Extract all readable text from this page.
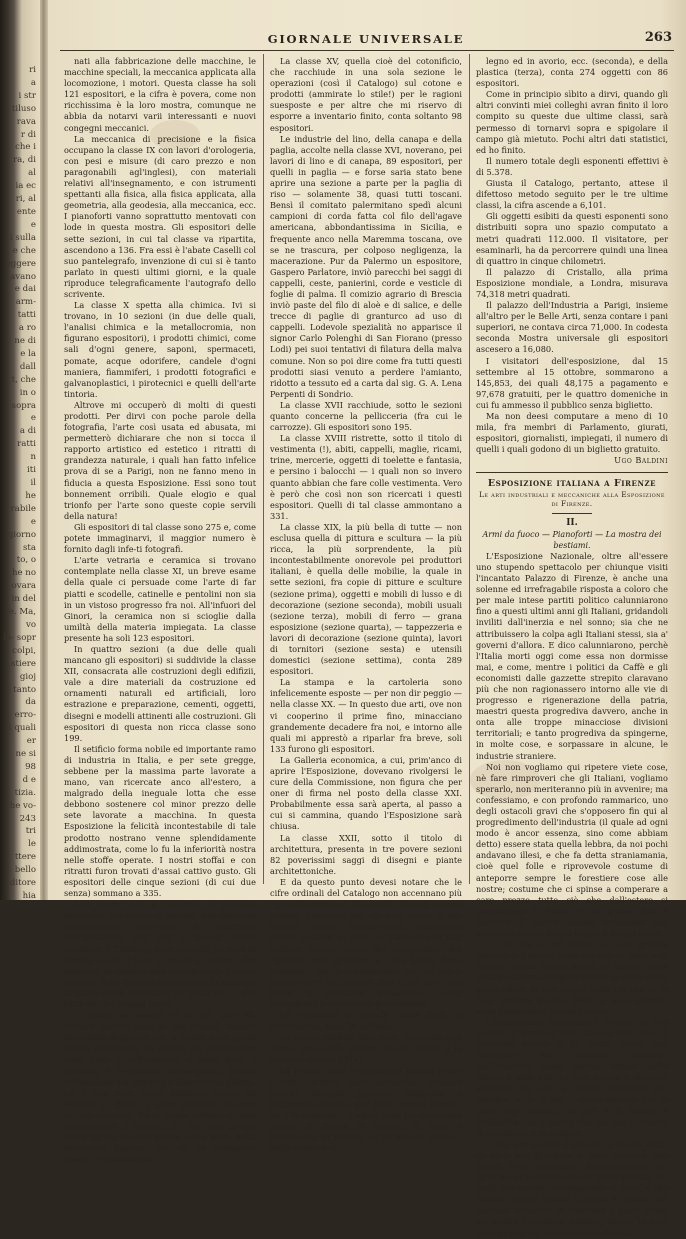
ri
a
i str
tiluso
rava
r di
che i
ra, di
al
ia ec
ri, al
ente
e
i sulla
e che
eggere
avano
e dai
arm-
tatti
a ro
ne di
e la
dall
t, che
in o
sopra
e
a di
ratti
n
iti
il
he
rabile
e
giorno
sta
to, o
he no
ovara
in del
e. Ma,
vo
le- sopr
colpi,
stiere
gioj
tanto
da
erro-
i quali
er
ne si
98
d e
tizia.
he vo-
243
tri
le
ttere
bello
ditore
hia
GIORNALE UNIVERSALE	263

nati alla fabbricazione delle macchine, le macchine speciali, la meccanica applicata alla locomozione, i motori. Questa classe ha soli 121 espositori, e la cifra è povera, come non ricchissima è la loro mostra, comunque ne abbia da notarvi varii interessanti e nuovi congegni meccanici.

La meccanica di precisione e la fisica occupano la classe IX con lavori d'orologeria, con pesi e misure (di caro prezzo e non paragonabili agl'inglesi), con materiali relativi all'insegnamento, e con istrumenti spettanti alla fisica, alla fisica applicata, alla geometria, alla geodesia, alla meccanica, ecc. I pianoforti vanno soprattutto mentovati con lode in questa mostra. Gli espositori delle sette sezioni, in cui tal classe va ripartita, ascendono a 136. Fra essi è l'abate Caselli col suo pantelegrafo, invenzione di cui si è tanto parlato in questi ultimi giorni, e la quale riproduce telegraficamente l'autografo dello scrivente.

La classe X spetta alla chimica. Ivi si trovano, in 10 sezioni (in due delle quali, l'analisi chimica e la metallocromia, non figurano espositori), i prodotti chimici, come sali d'ogni genere, saponi, spermaceti, pomate, acque odorifere, candele d'ogni maniera, fiammiferi, i prodotti fotografici e galvanoplastici, i pirotecnici e quelli dell'arte tintoria.

Altrove mi occuperò di molti di questi prodotti. Per dirvi con poche parole della fotografia, l'arte così usata ed abusata, mi permetterò dichiarare che non si tocca il rapporto artistico ed estetico i ritratti di grandezza naturale, i quali han fatto infelice prova di se a Parigi, non ne fanno meno in fiducia a questa Esposizione. Essi sono tout bonnement orribili. Quale elogio e qual trionfo per l'arte sono queste copie servili della natura!

Gli espositori di tal classe sono 275 e, come potete immaginarvi, il maggior numero è fornito dagli infe-ti fotografi.

L'arte vetraria e ceramica si trovano contemplate nella classe XI, un breve esame della quale ci persuade come l'arte di far piatti e scodelle, catinelle e pentolini non sia in un vistoso progresso fra noi. All'infuori del Ginori, la ceramica non si scioglie dalla umiltà della materia impiegata. La classe presente ha soli 123 espositori.

In quattro sezioni (a due delle quali mancano gli espositori) si suddivide la classe XII, consacrata alle costruzioni degli edifizii, vale a dire materiali da costruzione ed ornamenti naturali ed artificiali, loro estrazione e preparazione, cementi, oggetti, disegni e modelli attinenti alle costruzioni. Gli espositori di questa non ricca classe sono 199.

Il setificio forma nobile ed importante ramo di industria in Italia, e per sete gregge, sebbene per la massima parte lavorate a mano, van ricercate anco all'estero, a malgrado della ineguale lotta che esse debbono sostenere col minor prezzo delle sete lavorate a macchina. In questa Esposizione la felicità incontestabile di tale prodotto nostrano venne splendidamente addimostrata, come lo fu la inferiorità nostra nelle stoffe operate. I nostri stoffai e con ritratti furon trovati d'assai cattivo gusto. Gli espositori delle cinque sezioni (di cui due senza) sommano a 335.

Alla classe XIV è riservato il lanificio, abbenchè, per errore di stampa, o piuttosto di compilazione, denotante la colpevole precipitazione con cui il lavoro venne condotto, il Catalogo porti inscritti, in cima di questa classe, i filati e tessuti in cotone, che spettano veramente alla susseguente. L'unica sezione, delle quattro accennate sul Catalogo, la quale abbia espositori, ne conta 62. — Per tutta Italia è troppo poco!

Il cotone ne novera 36 di più, cioè 98. Altrove parlerò anco di tali tessuti; intanto lasciatemi deplorare che la Sicilia, nella quale hanno piantagioni di cotone da rivaleggiare collo Indie e coll'America, e delle quali il prodotto è veramente maraviglioso, questa coltivazione sia negletta e disprezzata affatto. La è una delle tante industrie nuove da tentarsi in Italia, e forse potrebbe uscirne fortune colossali. Nè in Sicilia soltanto alligna ferocemente il cotone. Io, co' miei propri occhi ne ho veduto piante nelle parti della Maremma senese; ove se ne riempiono cuscini e guanciaietti.

La classe XV, quella cioè del cotonificio, che racchiude in una sola sezione le operazioni (così il Catalogo) sul cotone e prodotti (ammirate lo stile!) per le ragioni suesposte e per altre che mi riservo di esporre a inventario finito, conta soltanto 98 espositori.

Le industrie del lino, della canapa e della paglia, accolte nella classe XVI, noverano, pei lavori di lino e di canapa, 89 espositori, per quelli in paglia — e forse saria stato bene aprire una sezione a parte per la paglia di riso — solamente 38, quasi tutti toscani. Bensì il comitato palermitano spedì alcuni campioni di corda fatta col filo dell'agave americana, abbondantissima in Sicilia, e frequente anco nella Maremma toscana, ove se ne trascura, per colposo negligenza, la macerazione. Pur da Palermo un espositore, Gaspero Parlatore, inviò parecchi bei saggi di cappelli, ceste, panierini, corde e vesticle di foglie di palma. Il comizio agrario di Brescia inviò paste del filo di aloè e di salice, e delle trecce di paglie di granturco ad uso di cappelli. Lodevole spezialità no apparisce il signor Carlo Polenghi di San Fiorano (presso Lodi) pei suoi tentativi di filatura della malva comune. Non so poi dire come fra tutti questi prodotti siasi venuto a perdere l'amianto, ridotto a tessuto ed a carta dal sig. G. A. Lena Perpenti di Sondrio.

La classe XVII racchiude, sotto le sezioni quanto concerne la pellicceria (fra cui le carrozze). Gli espositori sono 195.

La classe XVIII ristrette, sotto il titolo di vestimenta (!), abiti, cappelli, maglie, ricami, trine, mercerie, oggetti di toelette e fantasia, e persino i balocchi — i quali non so invero quanto abbian che fare colle vestimenta. Vero è però che così non son ricercati i questi espositori. Quelli di tal classe ammontano a 331.

La classe XIX, la più bella di tutte — non esclusa quella di pittura e scultura — la più ricca, la più sorprendente, la più incontestabilmente onorevole pei produttori italiani, è quella delle mobilie, la quale in sette sezioni, fra copie di pitture e sculture (sezione prima), oggetti e mobili di lusso e di decorazione (sezione seconda), mobili usuali (sezione terza), mobili di ferro — grana esposizione (sezione quarta), — tappezzeria e lavori di decorazione (sezione quinta), lavori di tornitori (sezione sesta) e utensili domestici (sezione settima), conta 289 espositori.

La stampa e la cartoleria sono infelicemente esposte — per non dir peggio — nella classe XX. — In questo due arti, ove non vi cooperino il prime fino, minacciano grandemente decadere fra noi, e intorno alle quali mi apprestò a riparlar fra breve, soli 133 furono gli espositori.

La Galleria economica, a cui, prim'anco di aprire l'Esposizione, dovevano rivolgersi le cure della Commissione, non figura che per oner di firma nel posto della classe XXI. Probabilmente essa sarà aperta, al passo a cui si cammina, quando l'Esposizione sarà chiusa.

La classe XXII, sotto il titolo di architettura, presenta in tre povere sezioni 82 poverissimi saggi di disegni e piante architettoniche.

E da questo punto devesi notare che le cifre ordinali del Catalogo non accennano più i singoli espositori, ma bensì i singoli oggetti esposti; cosicchè, per un solo nome, e per oggetti spesso insignificanti, impegnassi mezzo dozzine di cifre. — Capisco che tale artificio venne usato dai compilatori del Catalogo per gonfiare la cifra totale degli espositori, ma lo stratagemma, per chi non si lascia trarre in inganno, non ci dà altro che frode o scusabile vanagloria, bensì irregolarità e confusione grandissima.

Gli espositori di questa classe XXII, in conclusione, sono 36 soltanto.

Lo stesso debbesi dire delle rimanenti due classi, cioè della pittura (classe XXIII) e la scultura (classe XXIV).

La prima, sotto le sezioni di pittura a olio (prima), pitture varie (seconda), incisioni (terza), disegno (quarta), litografia e litocromia (quinta), per 1065 oggetti esposti, ha 476 espositori. L'altra, nelle tre accennate sezioni di statue di marmo, di busti e bassorilievi in marmo ed in bronzo (prima), della scultura in

legno ed in avorio, ecc. (seconda), e della plastica (terza), conta 274 oggetti con 86 espositori.

Come in principio sìbito a dirvi, quando gli altri convinti miei colleghi avran finito il loro compito su queste due ultime classi, sarà permesso di tornarvi sopra e spigolare il campo già mietuto. Pochi altri dati statistici, ed ho finito.

Il numero totale degli esponenti effettivi è di 5.378.

Giusta il Catalogo, pertanto, attese il difettoso metodo seguito per le tre ultime classi, la cifra ascende a 6,101.

Gli oggetti esibiti da questi esponenti sono distribuiti sopra uno spazio computato a metri quadrati 112.000. Il visitatore, per esaminarli, ha da percorrere quindi una linea di quattro in cinque chilometri.

Il palazzo di Cristallo, alla prima Esposizione mondiale, a Londra, misurava 74,318 metri quadrati.

Il palazzo dell'Industria a Parigi, insieme all'altro per le Belle Arti, senza contare i pani superiori, ne contava circa 71,000. In codesta seconda Mostra universale gli espositori ascesero a 16,080.

I visitatori dell'esposizione, dal 15 settembre al 15 ottobre, sommarono a 145,853, dei quali 48,175 a pagamento e 97,678 gratuiti, per le quattro domeniche in cui fu ammesso il pubblico senza biglietto.

Ma non deesi computare a meno di 10 mila, fra membri di Parlamento, giurati, espositori, giornalisti, impiegati, il numero di quelli i quali godono di un biglietto gratuito.

Ugo Baldini

Esposizione italiana a Firenze

Le arti industriali e meccaniche alla Esposizione di Firenze.

II.

Armi da fuoco — Pianoforti — La mostra dei bestiami.

L'Esposizione Nazionale, oltre all'essere uno stupendo spettacolo per chiunque visiti l'incantato Palazzo di Firenze, è anche una solenne ed irrefragabile risposta a coloro che per male intese partiti politico calunniarono fino a questi ultimi anni gli Italiani, gridandoli inviliti dall'inerzia e nel sonno; sia che ne attribuissero la colpa agli Italiani stessi, sia a' governi d'allora. E dico calunniarono, perchè l'Italia morti oggi come essa non dormisse mai, e come, mentre i politici da Caffè e gli economisti dalle gazzette strepito claravano più che non ragionassero intorno alle vie di progresso e rigenerazione della patria, maestri questa progrediva davvero, anche in onta alle troppe minacciose divisioni territoriali; e tanto progrediva da spingerne, in molte cose, e sorpassare in alcune, le industrie straniere.

Noi non vogliamo qui ripetere viete cose, nè fare rimproveri che gli Italiani, vogliamo sperarlo, non meriteranno più in avvenire; ma confessiamo, e con profondo rammarico, uno degli ostacoli gravi che s'opposero fin qui al progredimento dell'industria (il quale ad ogni modo è ancor essenza, sino come abbiam detto) essere stata quella lebbra, da noi pochi andavano illesi, e che fa detta straniamania, cioè quel folle e riprovevole costume di anteporre sempre le forestiere cose alle nostre; costume che ci spinse a comperare a caro prezzo tutto ciò che dall'estero si introduceva in Italia, e che giunse fino a detrarre il nostro idioma bellissimo con accattate parole d'ogni lingua e d'ogni conio.

E ciò che a noi tocca, or con grande biasimo è il tacere tutto ciò che di bello e di buono i nostri fratelli artisti od operai, della nostra industria seppero fare, e in certo modo quasi offeso di non trovar tutto ciò che fu in casa propria quanto basti ai suoi bisogni, vada questuando presso l'amico.

L'Esposizione Nazionale è venuta, la Dio mercè, a provare agli Italiani che, ove il concorde volere e la carità patria non manchino, essi vantano smisurati nell'industria come furono famosi nelle lettere e nelle arti. Le cose nostre si facciano adunque fra noi, e questo concorso pur bisogna farlo. E poi ci siano almeno per le cose degli Italiani ciò che è di buono, e l'industria che è nostra che qui non ci manca di conoscere e di stimare.

E noi, per quanto è da noi, in questi studi, se sarà per giungere a dare autorità alle parole vuoli l'appoggio incontrastabile de' fatti, noi ci proponiamo con brevi articoli, de' quali con questo incominciamo la serie, e che saranno diluiti quanto si spera e l'indole del giornale consente, di mostrare a quale grado sia giunta l'industria italiana, specie in quei rami di essa ne' quali appunto fino ad
